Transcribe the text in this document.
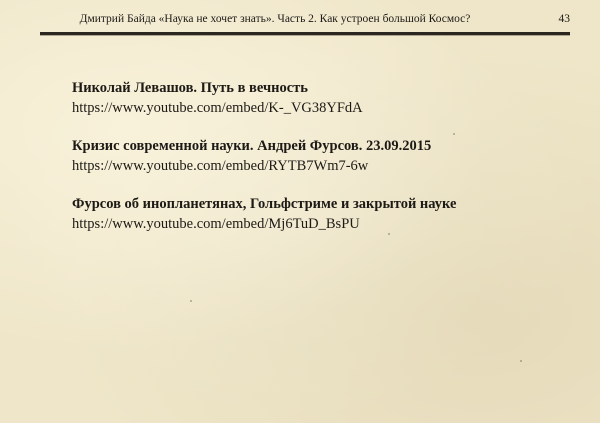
Дмитрий Байда «Наука не хочет знать». Часть 2. Как устроен большой Космос?	43
Николай Левашов. Путь в вечность
https://www.youtube.com/embed/K-_VG38YFdA
Кризис современной науки. Андрей Фурсов. 23.09.2015
https://www.youtube.com/embed/RYTB7Wm7-6w
Фурсов об инопланетянах, Гольфстриме и закрытой науке
https://www.youtube.com/embed/Mj6TuD_BsPU
